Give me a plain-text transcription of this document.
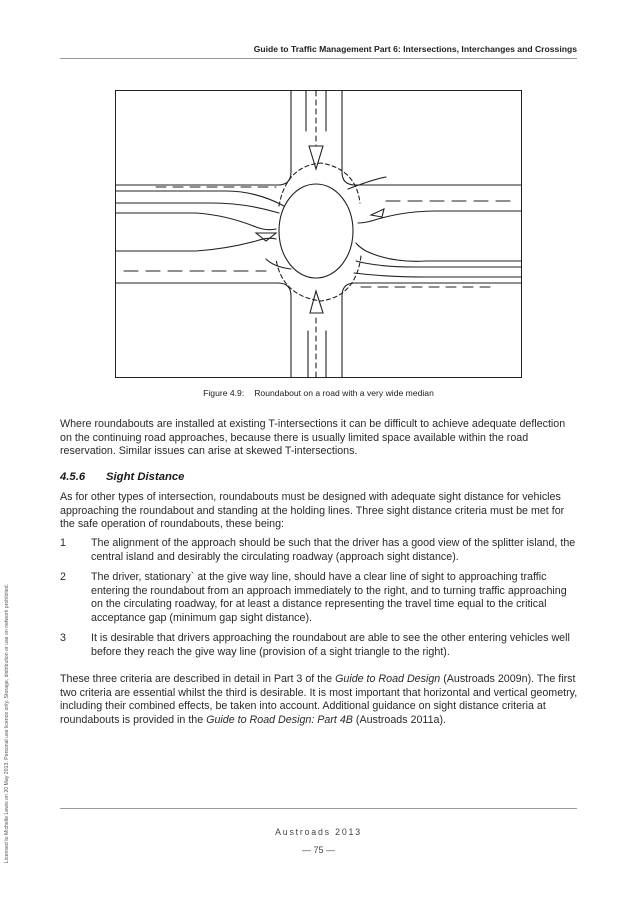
Guide to Traffic Management Part 6: Intersections, Interchanges and Crossings
Figure 4.9: Roundabout on a road with a very wide median
Where roundabouts are installed at existing T-intersections it can be difficult to achieve adequate deflection on the continuing road approaches, because there is usually limited space available within the road reservation. Similar issues can arise at skewed T-intersections.
4.5.6 Sight Distance
As for other types of intersection, roundabouts must be designed with adequate sight distance for vehicles approaching the roundabout and standing at the holding lines. Three sight distance criteria must be met for the safe operation of roundabouts, these being:
1 The alignment of the approach should be such that the driver has a good view of the splitter island, the central island and desirably the circulating roadway (approach sight distance).
2 The driver, stationary` at the give way line, should have a clear line of sight to approaching traffic entering the roundabout from an approach immediately to the right, and to turning traffic approaching on the circulating roadway, for at least a distance representing the travel time equal to the critical acceptance gap (minimum gap sight distance).
3 It is desirable that drivers approaching the roundabout are able to see the other entering vehicles well before they reach the give way line (provision of a sight triangle to the right).
These three criteria are described in detail in Part 3 of the Guide to Road Design (Austroads 2009n). The first two criteria are essential whilst the third is desirable. It is most important that horizontal and vertical geometry, including their combined effects, be taken into account. Additional guidance on sight distance criteria at roundabouts is provided in the Guide to Road Design: Part 4B (Austroads 2011a).
Austroads 2013
— 75 —
Licensed to Michelle Lewis on 20 May 2013. Personal use licence only. Storage, distribution or use on network prohibited.
